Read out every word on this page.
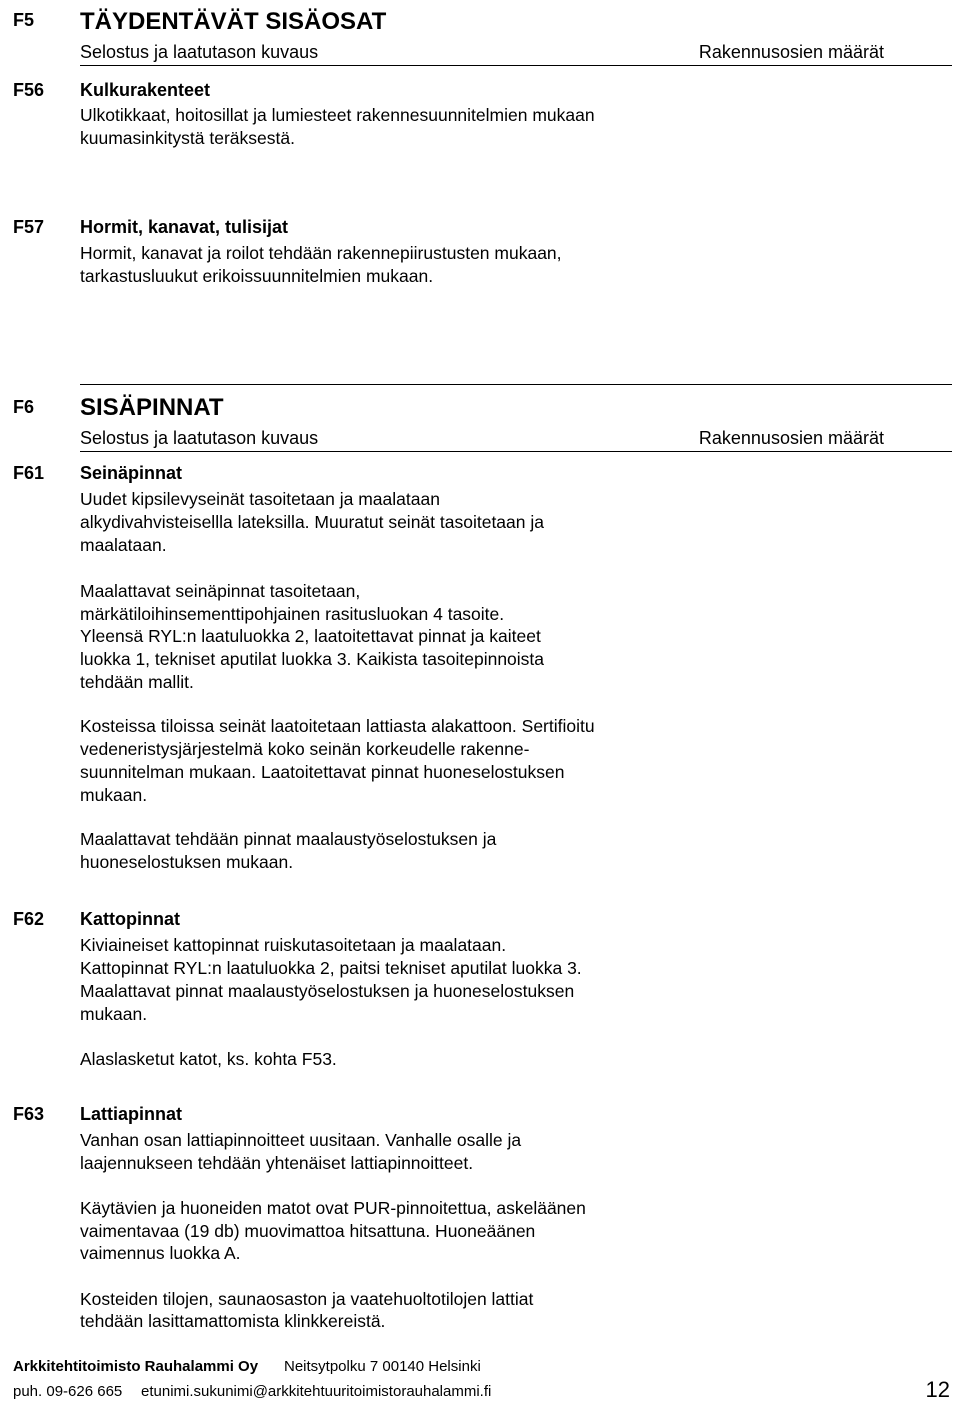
F5 TÄYDENTÄVÄT SISÄOSAT
Selostus ja laatutason kuvaus	Rakennusosien määrät
F56 Kulkurakenteet
Ulkotikkaat, hoitosillat ja lumiesteet rakennesuunnitelmien mukaan
kuumasinkitystä teräksestä.
F57 Hormit, kanavat, tulisijat
Hormit, kanavat ja roilot tehdään rakennepiirustusten mukaan,
tarkastusluukut erikoissuunnitelmien mukaan.
F6 SISÄPINNAT
Selostus ja laatutason kuvaus	Rakennusosien määrät
F61 Seinäpinnat
Uudet kipsilevyseinät tasoitetaan ja maalataan
alkydivahvisteisellla lateksilla. Muuratut seinät tasoitetaan ja
maalataan.
Maalattavat seinäpinnat tasoitetaan,
märkätiloihinsementtipohjainen rasitusluokan 4 tasoite.
Yleensä RYL:n laatuluokka 2, laatoitettavat pinnat ja kaiteet
luokka 1, tekniset aputilat luokka 3. Kaikista tasoitepinnoista
tehdään mallit.
Kosteissa tiloissa seinät laatoitetaan lattiasta alakattoon. Sertifioitu
vedeneristysjärjestelmä koko seinän korkeudelle rakenne-
suunnitelman mukaan. Laatoitettavat pinnat huoneselostuksen
mukaan.
Maalattavat tehdään pinnat maalaustyöselostuksen ja
huoneselostuksen mukaan.
F62 Kattopinnat
Kiviaineiset kattopinnat ruiskutasoitetaan ja maalataan.
Kattopinnat RYL:n laatuluokka 2, paitsi tekniset aputilat luokka 3.
Maalattavat pinnat maalaustyöselostuksen ja huoneselostuksen
mukaan.
Alaslasketut katot, ks. kohta F53.
F63 Lattiapinnat
Vanhan osan lattiapinnoitteet uusitaan. Vanhalle osalle ja
laajennukseen tehdään yhtenäiset lattiapinnoitteet.
Käytävien ja huoneiden matot ovat PUR-pinnoitettua, askeläänen
vaimentavaa (19 db) muovimattoa hitsattuna. Huoneäänen
vaimennus luokka A.
Kosteiden tilojen, saunaosaston ja vaatehuoltotilojen lattiat
tehdään lasittamattomista klinkkereistä.
Arkkitehtitoimisto Rauhalammi Oy Neitsytpolku 7 00140 Helsinki
puh. 09-626 665 etunimi.sukunimi@arkkitehtuuritoimistorauhalammi.fi	12
